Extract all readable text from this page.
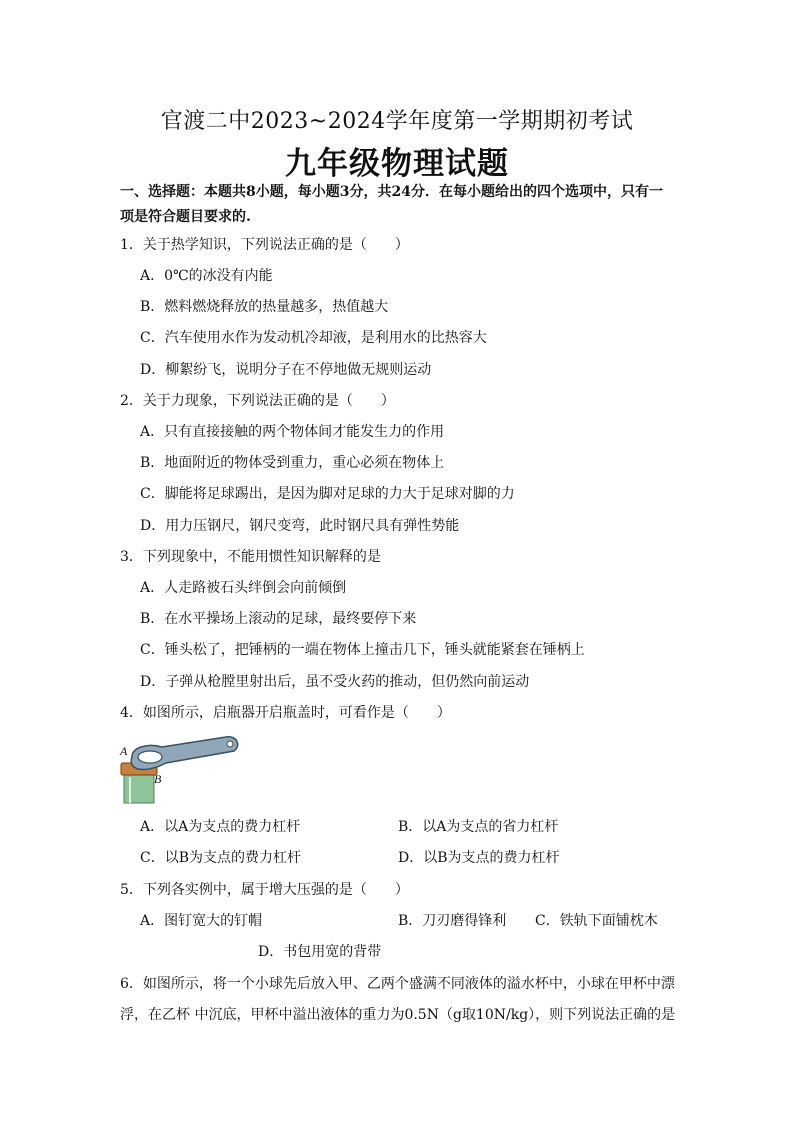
官渡二中2023~2024学年度第一学期期初考试
九年级物理试题
一、选择题：本题共8小题，每小题3分，共24分．在每小题给出的四个选项中，只有一
项是符合题目要求的.
1．关于热学知识，下列说法正确的是（　　）
A．0℃的冰没有内能
B．燃料燃烧释放的热量越多，热值越大
C．汽车使用水作为发动机冷却液，是利用水的比热容大
D．柳絮纷飞，说明分子在不停地做无规则运动
2．关于力现象，下列说法正确的是（　　）
A．只有直接接触的两个物体间才能发生力的作用
B．地面附近的物体受到重力，重心必须在物体上
C．脚能将足球踢出，是因为脚对足球的力大于足球对脚的力
D．用力压钢尺，钢尺变弯，此时钢尺具有弹性势能
3．下列现象中，不能用惯性知识解释的是
A．人走路被石头绊倒会向前倾倒
B．在水平操场上滚动的足球，最终要停下来
C．锤头松了，把锤柄的一端在物体上撞击几下，锤头就能紧套在锤柄上
D．子弹从枪膛里射出后，虽不受火药的推动，但仍然向前运动
4．如图所示，启瓶器开启瓶盖时，可看作是（　　）
A
B
A．以A为支点的费力杠杆	B．以A为支点的省力杠杆
C．以B为支点的费力杠杆	D．以B为支点的费力杠杆
5．下列各实例中，属于增大压强的是（　　）
A．图钉宽大的钉帽	B．刀刃磨得锋利 C．铁轨下面铺枕木
D．书包用宽的背带
6．如图所示，将一个小球先后放入甲、乙两个盛满不同液体的溢水杯中，小球在甲杯中漂
浮，在乙杯 中沉底，甲杯中溢出液体的重力为0.5N（g取10N/kg），则下列说法正确的是
